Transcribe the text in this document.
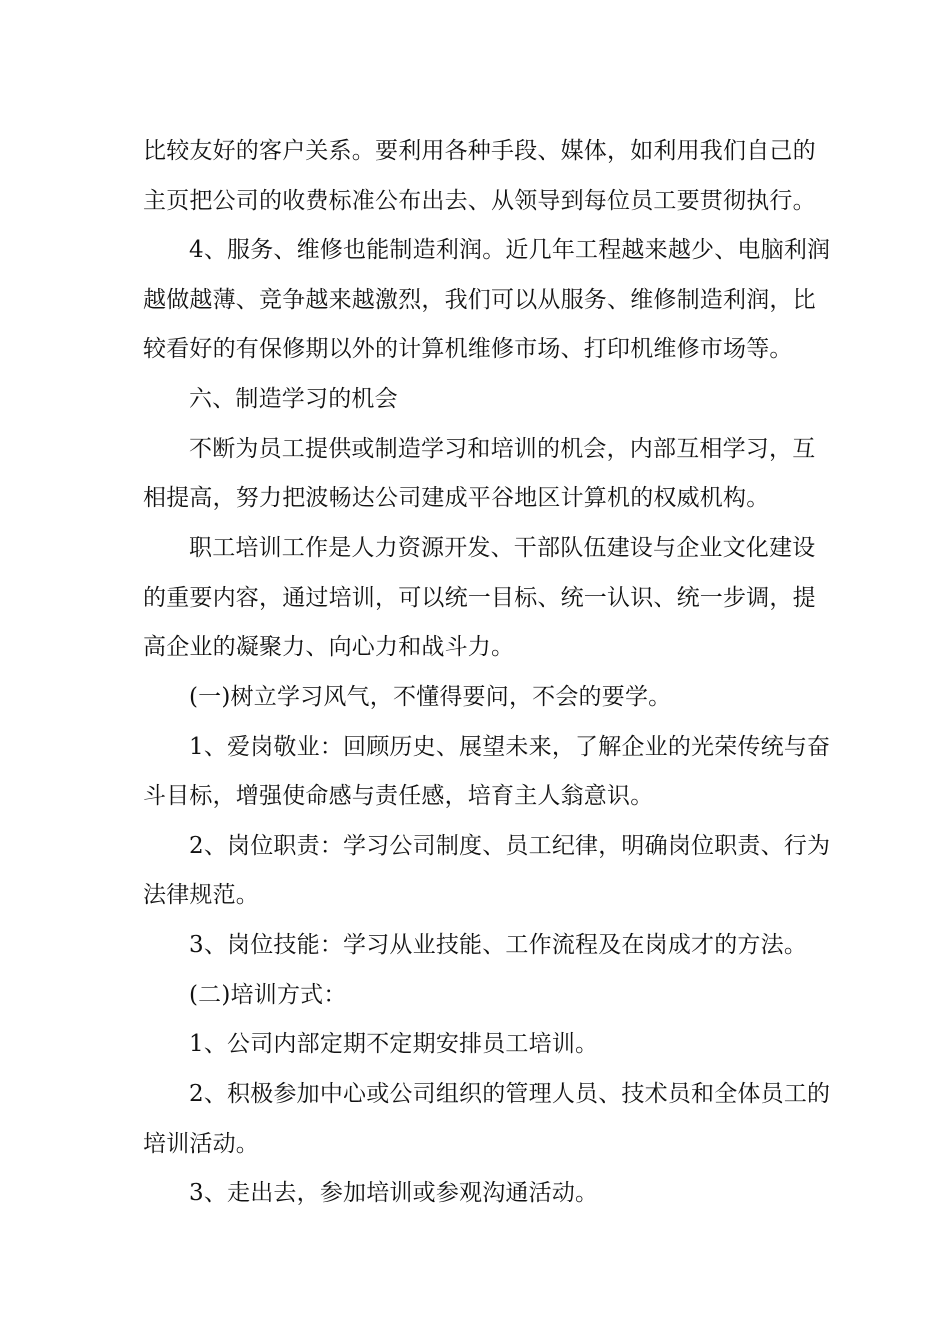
比较友好的客户关系。要利用各种手段、媒体，如利用我们自己的
主页把公司的收费标准公布出去、从领导到每位员工要贯彻执行。
4、服务、维修也能制造利润。近几年工程越来越少、电脑利润
越做越薄、竞争越来越激烈，我们可以从服务、维修制造利润，比
较看好的有保修期以外的计算机维修市场、打印机维修市场等。
六、制造学习的机会
不断为员工提供或制造学习和培训的机会，内部互相学习，互
相提高，努力把波畅达公司建成平谷地区计算机的权威机构。
职工培训工作是人力资源开发、干部队伍建设与企业文化建设
的重要内容，通过培训，可以统一目标、统一认识、统一步调，提
高企业的凝聚力、向心力和战斗力。
(一)树立学习风气，不懂得要问，不会的要学。
1、爱岗敬业：回顾历史、展望未来，了解企业的光荣传统与奋
斗目标，增强使命感与责任感，培育主人翁意识。
2、岗位职责：学习公司制度、员工纪律，明确岗位职责、行为
法律规范。
3、岗位技能：学习从业技能、工作流程及在岗成才的方法。
(二)培训方式：
1、公司内部定期不定期安排员工培训。
2、积极参加中心或公司组织的管理人员、技术员和全体员工的
培训活动。
3、走出去，参加培训或参观沟通活动。
